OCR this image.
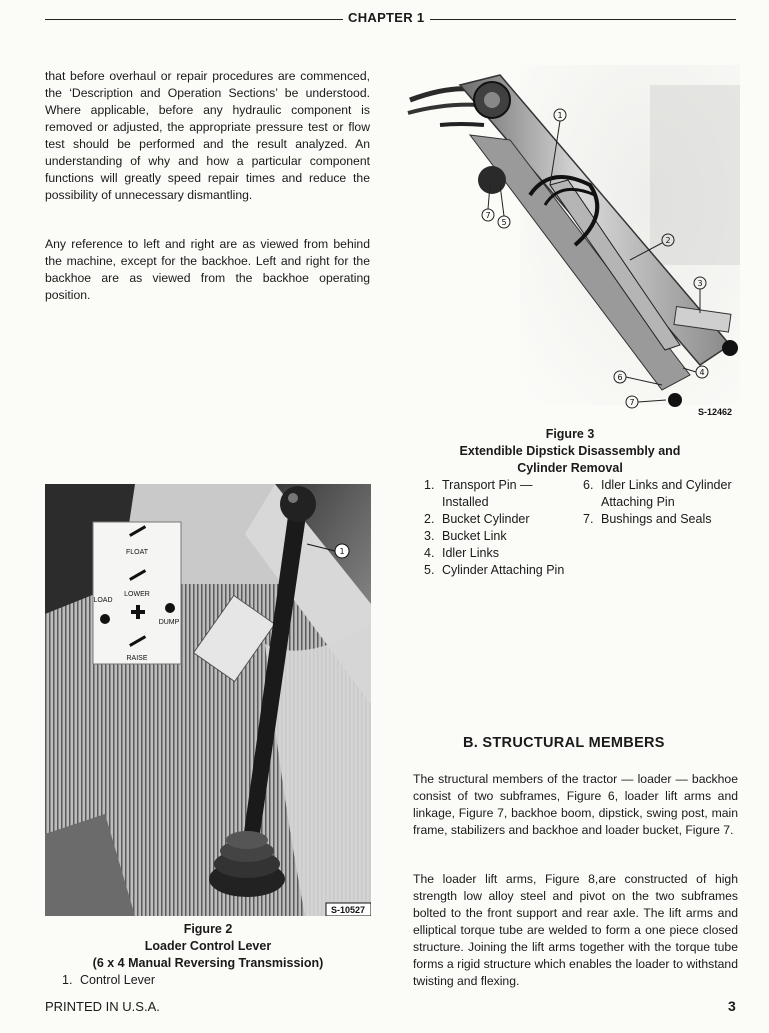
CHAPTER 1

that before overhaul or repair procedures are commenced, the ‘Description and Operation Sections’ be understood. Where applicable, before any hydraulic component is removed or adjusted, the appropriate pressure test or flow test should be performed and the result analyzed. An understanding of why and how a particular component functions will greatly speed repair times and reduce the possibility of unnecessary dismantling.

Any reference to left and right are as viewed from behind the machine, except for the backhoe. Left and right for the backhoe are as viewed from the backhoe operating position.

1
2
3
4
5
7
6
7
S-12462
Figure 3
Extendible Dipstick Disassembly and
Cylinder Removal
1. Transport Pin — Installed
2. Bucket Cylinder
3. Bucket Link
4. Idler Links
5. Cylinder Attaching Pin
6. Idler Links and Cylinder Attaching Pin
7. Bushings and Seals
FLOAT
LOWER
LOAD
DUMP
RAISE
1
S-10527
Figure 2
Loader Control Lever
(6 x 4 Manual Reversing Transmission)
1. Control Lever
B. STRUCTURAL MEMBERS

The structural members of the tractor — loader — backhoe consist of two subframes, Figure 6, loader lift arms and linkage, Figure 7, backhoe boom, dipstick, swing post, main frame, stabilizers and backhoe and loader bucket, Figure 7.

The loader lift arms, Figure 8,are constructed of high strength low alloy steel and pivot on the two subframes bolted to the front support and rear axle. The lift arms and elliptical torque tube are welded to form a one piece closed structure. Joining the lift arms together with the torque tube forms a rigid structure which enables the loader to withstand twisting and flexing.

PRINTED IN U.S.A.	3
